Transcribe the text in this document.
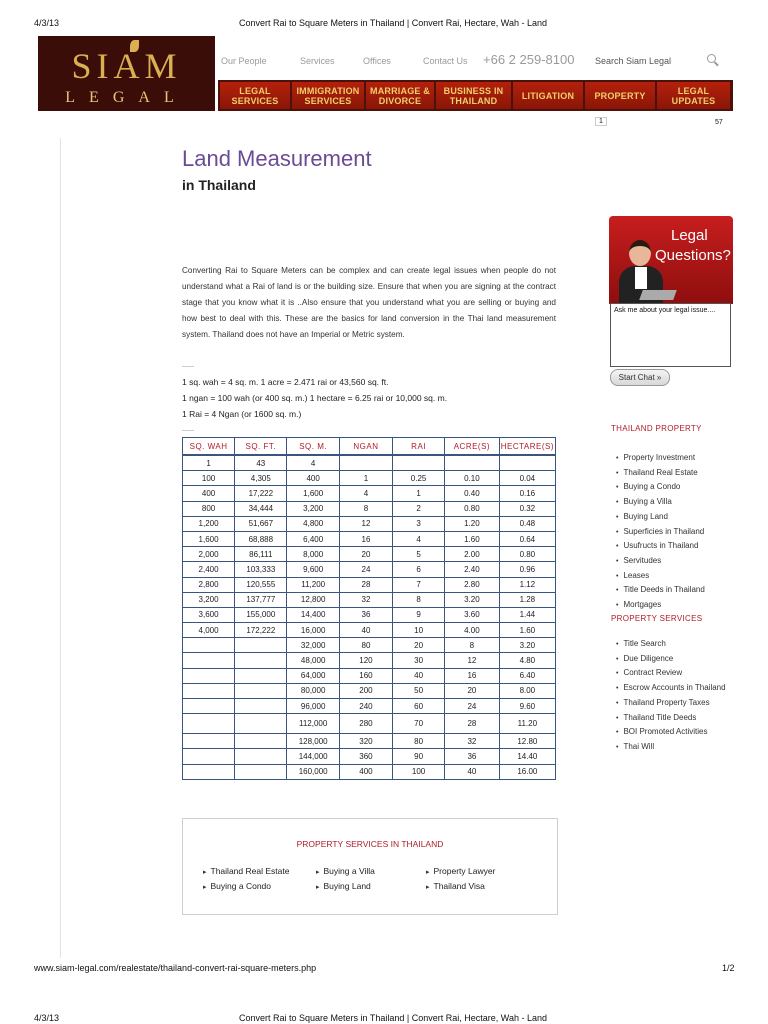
4/3/13	Convert Rai to Square Meters in Thailand | Convert Rai, Hectare, Wah - Land
SIAM
LEGAL
Our People	Services	Offices	Contact Us +66 2 259-8100 Search Siam Legal
LEGAL SERVICES
IMMIGRATION SERVICES
MARRIAGE & DIVORCE
BUSINESS IN THAILAND	LITIGATION	PROPERTY	LEGAL UPDATES
1	57
Land Measurement
in Thailand
Converting Rai to Square Meters can be complex and can create legal issues when people do not understand what a Rai of land is or the building size. Ensure that when you are signing at the contract stage that you know what it is ..Also ensure that you understand what you are selling or buying and how best to deal with this. These are the basics for land conversion in the Thai land measurement system. Thailand does not have an Imperial or Metric system.
1 sq. wah = 4 sq. m. 1 acre = 2.471 rai or 43,560 sq. ft.
1 ngan = 100 wah (or 400 sq. m.) 1 hectare = 6.25 rai or 10,000 sq. m.
1 Rai = 4 Ngan (or 1600 sq. m.)
SQ. WAH	SQ. FT.	SQ. M.	NGAN	RAI	ACRE(S)	HECTARE(S)
1	43	4				
100	4,305	400	1	0.25	0.10	0.04
400	17,222	1,600	4	1	0.40	0.16
800	34,444	3,200	8	2	0.80	0.32
1,200	51,667	4,800	12	3	1.20	0.48
1,600	68,888	6,400	16	4	1.60	0.64
2,000	86,111	8,000	20	5	2.00	0.80
2,400	103,333	9,600	24	6	2.40	0.96
2,800	120,555	11,200	28	7	2.80	1.12
3,200	137,777	12,800	32	8	3.20	1.28
3,600	155,000	14,400	36	9	3.60	1.44
4,000	172,222	16,000	40	10	4.00	1.60
		32,000	80	20	8	3.20
		48,000	120	30	12	4.80
		64,000	160	40	16	6.40
		80,000	200	50	20	8.00
		96,000	240	60	24	9.60
		112,000	280	70	28	11.20
		128,000	320	80	32	12.80
		144,000	360	90	36	14.40
		160,000	400	100	40	16.00
PROPERTY SERVICES IN THAILAND
▸ Thailand Real Estate	▸ Buying a Villa	▸ Property Lawyer
▸ Buying a Condo	▸ Buying Land	▸ Thailand Visa
Legal
Questions?
Ask me about your legal issue....
Start Chat »
THAILAND PROPERTY
• Property Investment
• Thailand Real Estate
• Buying a Condo
• Buying a Villa
• Buying Land
• Superficies in Thailand
• Usufructs in Thailand
• Servitudes
• Leases
• Title Deeds in Thailand
• Mortgages
PROPERTY SERVICES
• Title Search
• Due Diligence
• Contract Review
• Escrow Accounts in Thailand
• Thailand Property Taxes
• Thailand Title Deeds
• BOI Promoted Activities
• Thai Will
www.siam-legal.com/realestate/thailand-convert-rai-square-meters.php	1/2
4/3/13	Convert Rai to Square Meters in Thailand | Convert Rai, Hectare, Wah - Land
